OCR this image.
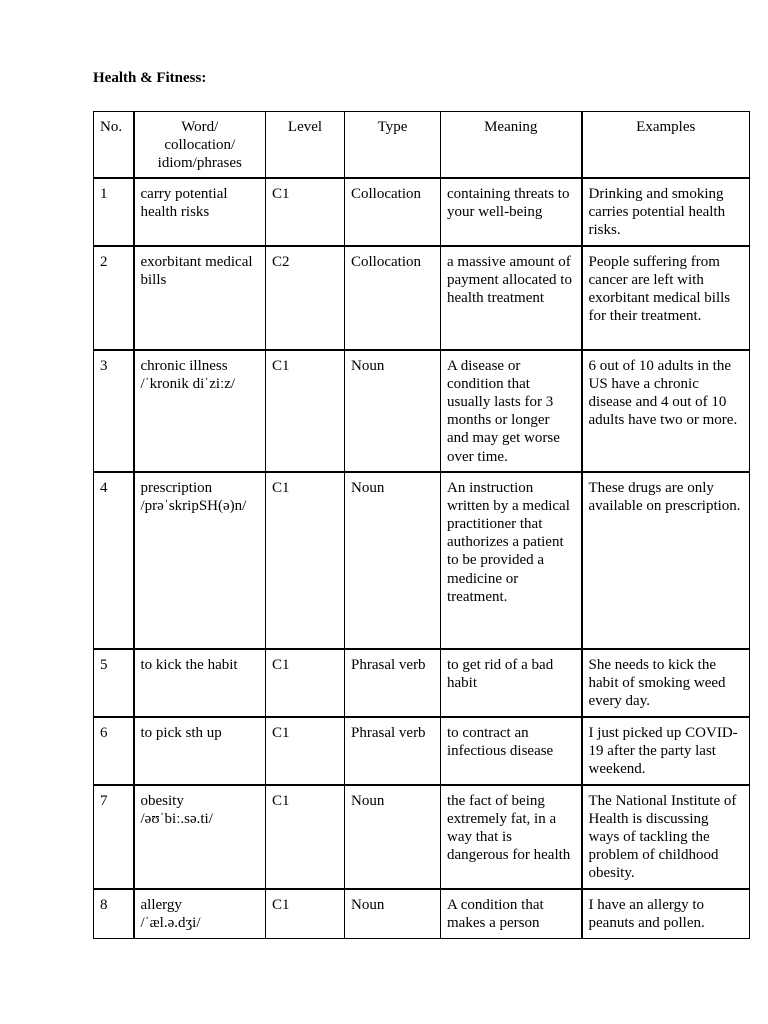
Health & Fitness:
No.	Word/
collocation/
idiom/phrases	Level	Type	Meaning	Examples
1	carry potential health risks	C1	Collocation	containing threats to your well-being	Drinking and smoking carries potential health risks.
2	exorbitant medical bills	C2	Collocation	a massive amount of payment allocated to health treatment	People suffering from cancer are left with exorbitant medical bills for their treatment.
3	chronic illness
/ˈkronik diˈziːz/	C1	Noun	A disease or condition that usually lasts for 3 months or longer and may get worse over time.	6 out of 10 adults in the US have a chronic disease and 4 out of 10 adults have two or more.
4	prescription
/prəˈskripSH(ə)n/	C1	Noun	An instruction written by a medical practitioner that authorizes a patient to be provided a medicine or treatment.	These drugs are only available on prescription.
5	to kick the habit	C1	Phrasal verb	to get rid of a bad habit	She needs to kick the habit of smoking weed every day.
6	to pick sth up	C1	Phrasal verb	to contract an infectious disease	I just picked up COVID-19 after the party last weekend.
7	obesity
/əʊˈbiː.sə.ti/	C1	Noun	the fact of being extremely fat, in a way that is dangerous for health	The National Institute of Health is discussing ways of tackling the problem of childhood obesity.
8	allergy
/ˈæl.ə.dʒi/	C1	Noun	A condition that makes a person	I have an allergy to peanuts and pollen.
